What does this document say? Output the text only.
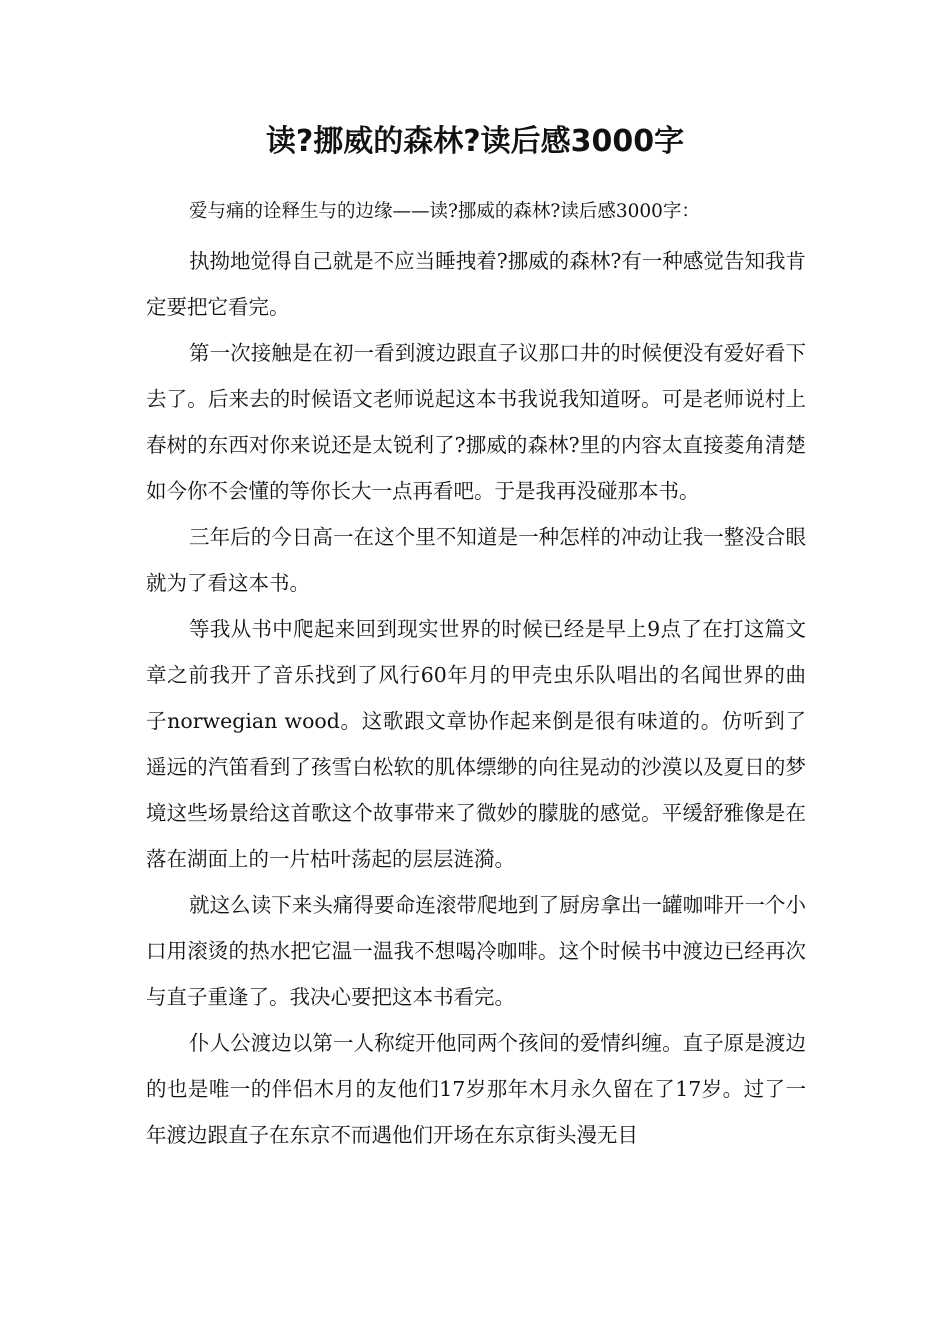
读?挪威的森林?读后感3000字

爱与痛的诠释生与的边缘——读?挪威的森林?读后感3000字：

执拗地觉得自己就是不应当睡拽着?挪威的森林?有一种感觉告知我肯定要把它看完。

第一次接触是在初一看到渡边跟直子议那口井的时候便没有爱好看下去了。后来去的时候语文老师说起这本书我说我知道呀。可是老师说村上春树的东西对你来说还是太锐利了?挪威的森林?里的内容太直接菱角清楚如今你不会懂的等你长大一点再看吧。于是我再没碰那本书。

三年后的今日高一在这个里不知道是一种怎样的冲动让我一整没合眼就为了看这本书。

等我从书中爬起来回到现实世界的时候已经是早上9点了在打这篇文章之前我开了音乐找到了风行60年月的甲壳虫乐队唱出的名闻世界的曲子norwegian wood。这歌跟文章协作起来倒是很有味道的。仿听到了遥远的汽笛看到了孩雪白松软的肌体缥缈的向往晃动的沙漠以及夏日的梦境这些场景给这首歌这个故事带来了微妙的朦胧的感觉。平缓舒雅像是在落在湖面上的一片枯叶荡起的层层涟漪。

就这么读下来头痛得要命连滚带爬地到了厨房拿出一罐咖啡开一个小口用滚烫的热水把它温一温我不想喝冷咖啡。这个时候书中渡边已经再次与直子重逢了。我决心要把这本书看完。

仆人公渡边以第一人称绽开他同两个孩间的爱情纠缠。直子原是渡边的也是唯一的伴侣木月的友他们17岁那年木月永久留在了17岁。过了一年渡边跟直子在东京不而遇他们开场在东京街头漫无目
